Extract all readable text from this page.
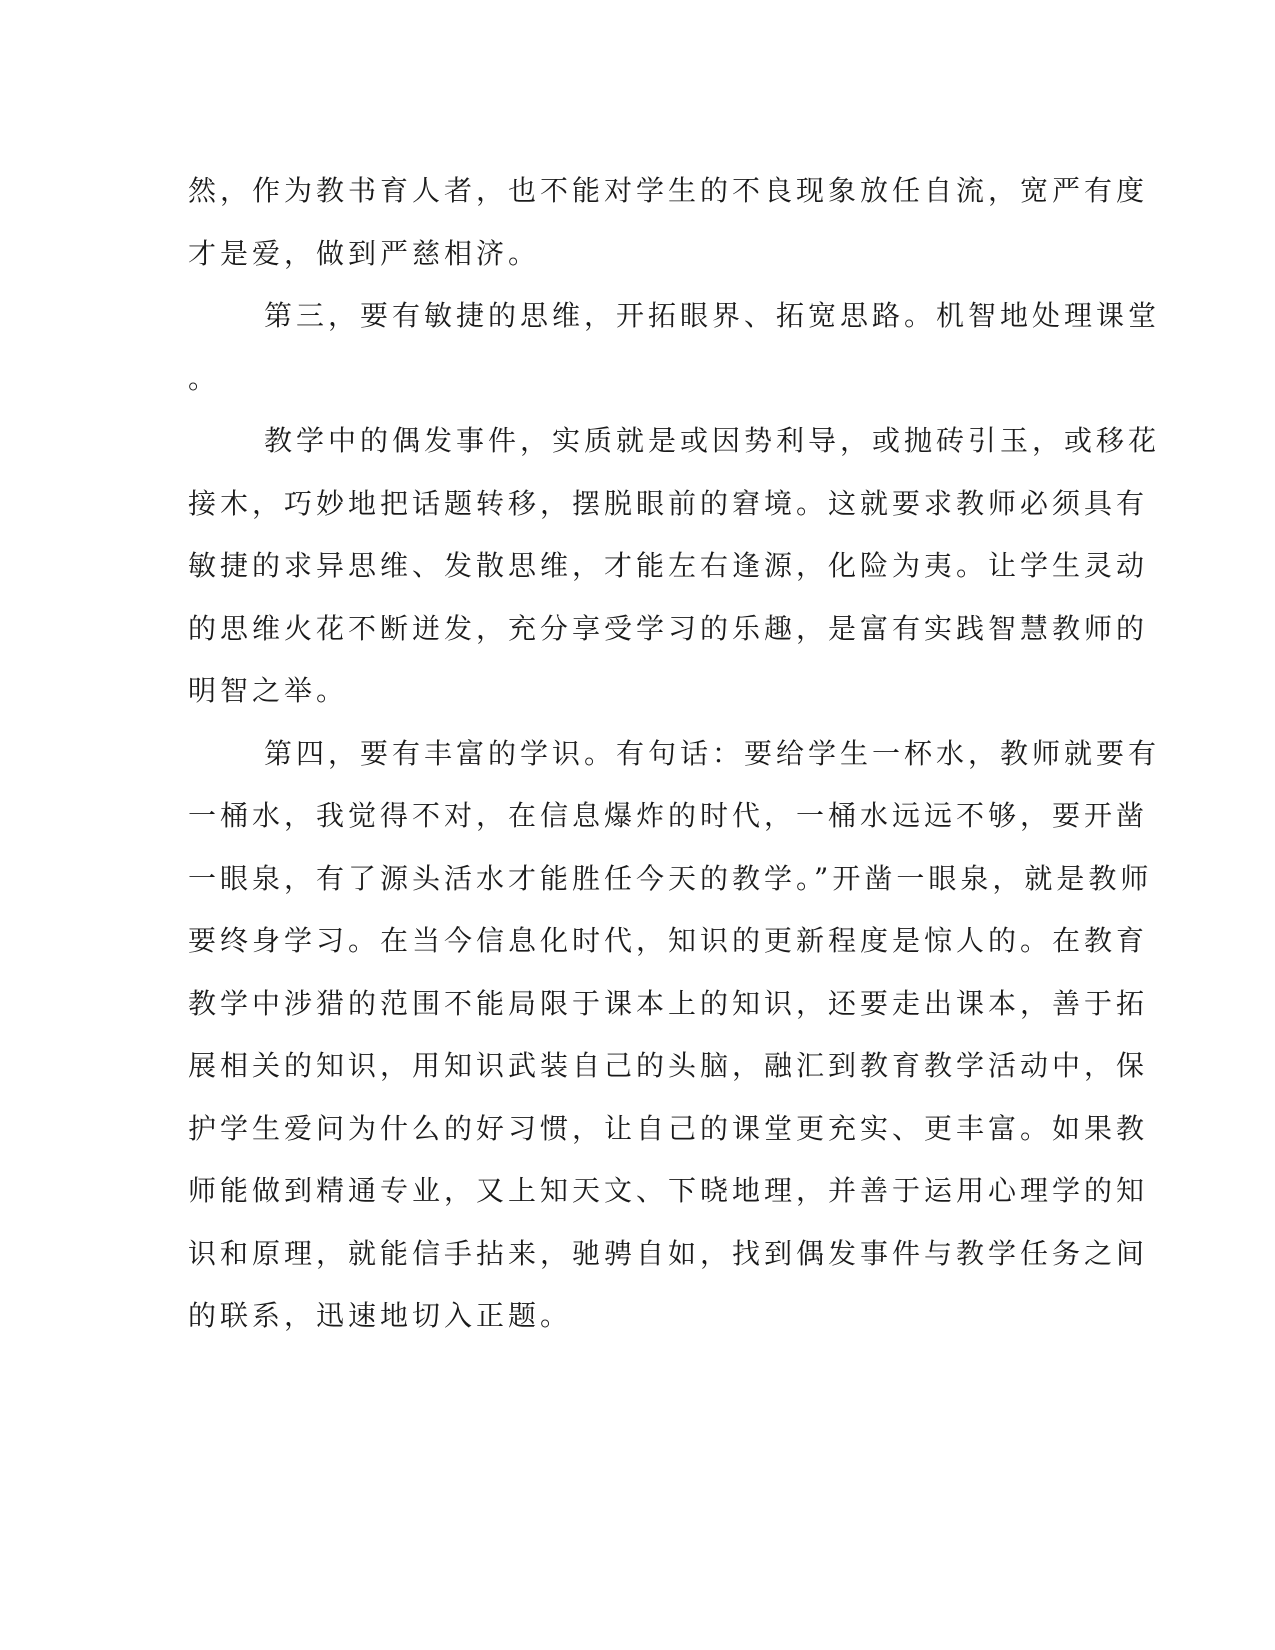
然，作为教书育人者，也不能对学生的不良现象放任自流，宽严有度
才是爱，做到严慈相济。
第三，要有敏捷的思维，开拓眼界、拓宽思路。机智地处理课堂
。
教学中的偶发事件，实质就是或因势利导，或抛砖引玉，或移花
接木，巧妙地把话题转移，摆脱眼前的窘境。这就要求教师必须具有
敏捷的求异思维、发散思维，才能左右逢源，化险为夷。让学生灵动
的思维火花不断迸发，充分享受学习的乐趣，是富有实践智慧教师的
明智之举。
第四，要有丰富的学识。有句话：要给学生一杯水，教师就要有
一桶水，我觉得不对，在信息爆炸的时代，一桶水远远不够，要开凿
一眼泉，有了源头活水才能胜任今天的教学。”开凿一眼泉，就是教师
要终身学习。在当今信息化时代，知识的更新程度是惊人的。在教育
教学中涉猎的范围不能局限于课本上的知识，还要走出课本，善于拓
展相关的知识，用知识武装自己的头脑，融汇到教育教学活动中，保
护学生爱问为什么的好习惯，让自己的课堂更充实、更丰富。如果教
师能做到精通专业，又上知天文、下晓地理，并善于运用心理学的知
识和原理，就能信手拈来，驰骋自如，找到偶发事件与教学任务之间
的联系，迅速地切入正题。
